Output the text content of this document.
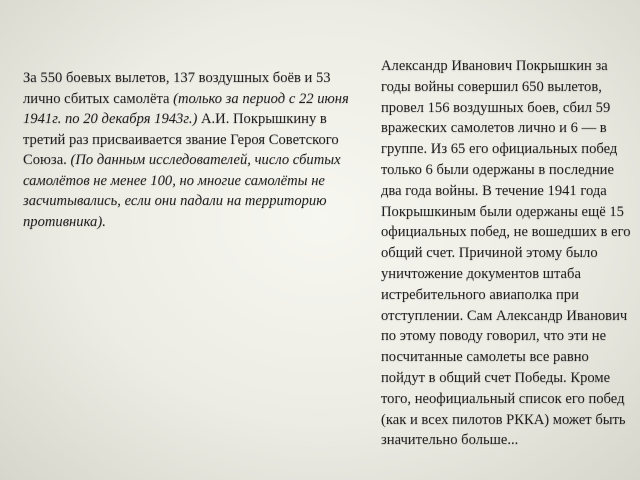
За 550 боевых вылетов, 137 воздушных боёв и 53 лично сбитых самолёта (только за период с 22 июня 1941г. по 20 декабря 1943г.) А.И. Покрышкину в третий раз присваивается звание Героя Советского Союза. (По данным исследователей, число сбитых самолётов не менее 100, но многие самолёты не засчитывались, если они падали на территорию противника).

Александр Иванович Покрышкин за годы войны совершил 650 вылетов, провел 156 воздушных боев, сбил 59 вражеских самолетов лично и 6 — в группе. Из 65 его официальных побед только 6 были одержаны в последние два года войны. В течение 1941 года Покрышкиным были одержаны ещё 15 официальных побед, не вошедших в его общий счет. Причиной этому было уничтожение документов штаба истребительного авиаполка при отступлении. Сам Александр Иванович по этому поводу говорил, что эти не посчитанные самолеты все равно пойдут в общий счет Победы. Кроме того, неофициальный список его побед (как и всех пилотов РККА) может быть значительно больше...
